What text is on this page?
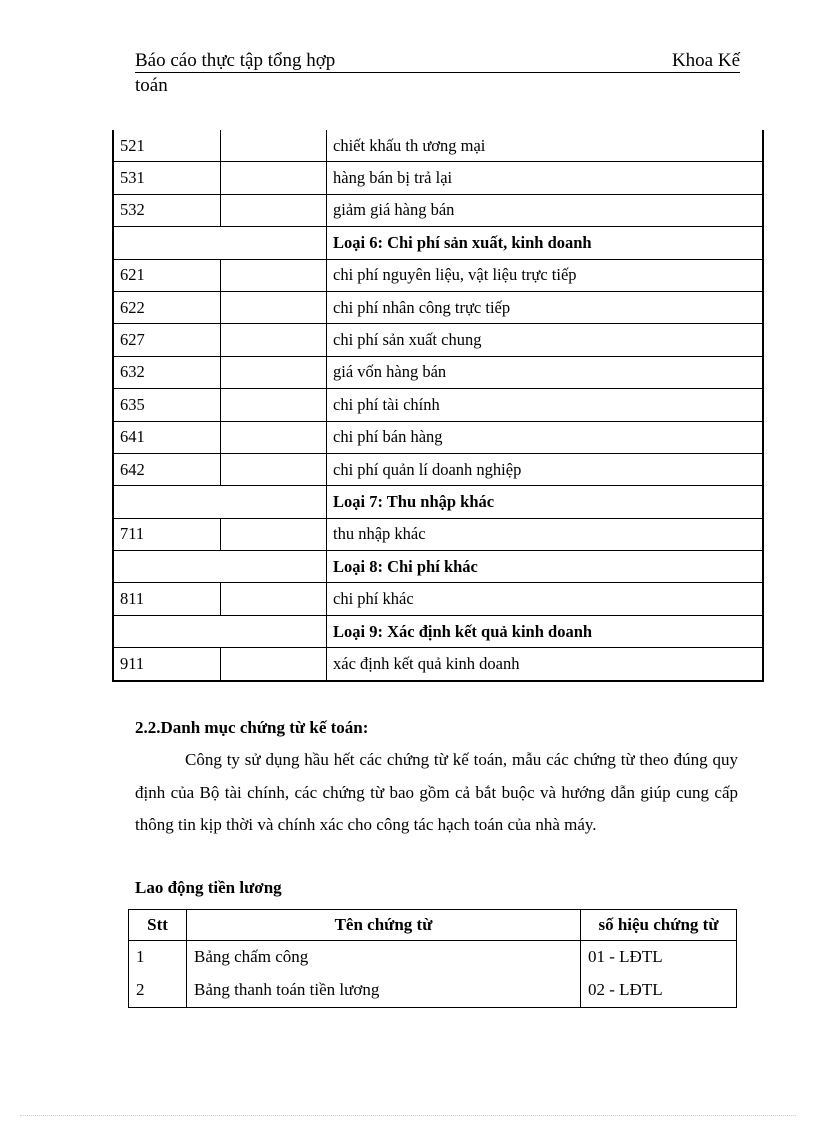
Báo cáo thực tập tổng hợp	Khoa Kế
toán
521		chiết khấu th ương mại
531		hàng bán bị trả lại
532		giảm giá hàng bán
		Loại 6: Chi phí sản xuất, kinh doanh
621		chi phí nguyên liệu, vật liệu trực tiếp
622		chi phí nhân công trực tiếp
627		chi phí sản xuất chung
632		giá vốn hàng bán
635		chi phí tài chính
641		chi phí bán hàng
642		chi phí quản lí doanh nghiệp
		Loại 7: Thu nhập khác
711		thu nhập khác
		Loại 8: Chi phí khác
811		chi phí khác
		Loại 9: Xác định kết quả kinh doanh
911		xác định kết quả kinh doanh
2.2.Danh mục chứng từ kế toán:

Công ty sử dụng hầu hết các chứng từ kế toán, mẫu các chứng từ theo đúng quy định của Bộ tài chính, các chứng từ bao gồm cả bắt buộc và hướng dẫn giúp cung cấp thông tin kịp thời và chính xác cho công tác hạch toán của nhà máy.

Lao động tiền lương
Stt	Tên chứng từ	số hiệu chứng từ
1	Bảng chấm công	01 - LĐTL
2	Bảng thanh toán tiền lương	02 - LĐTL
